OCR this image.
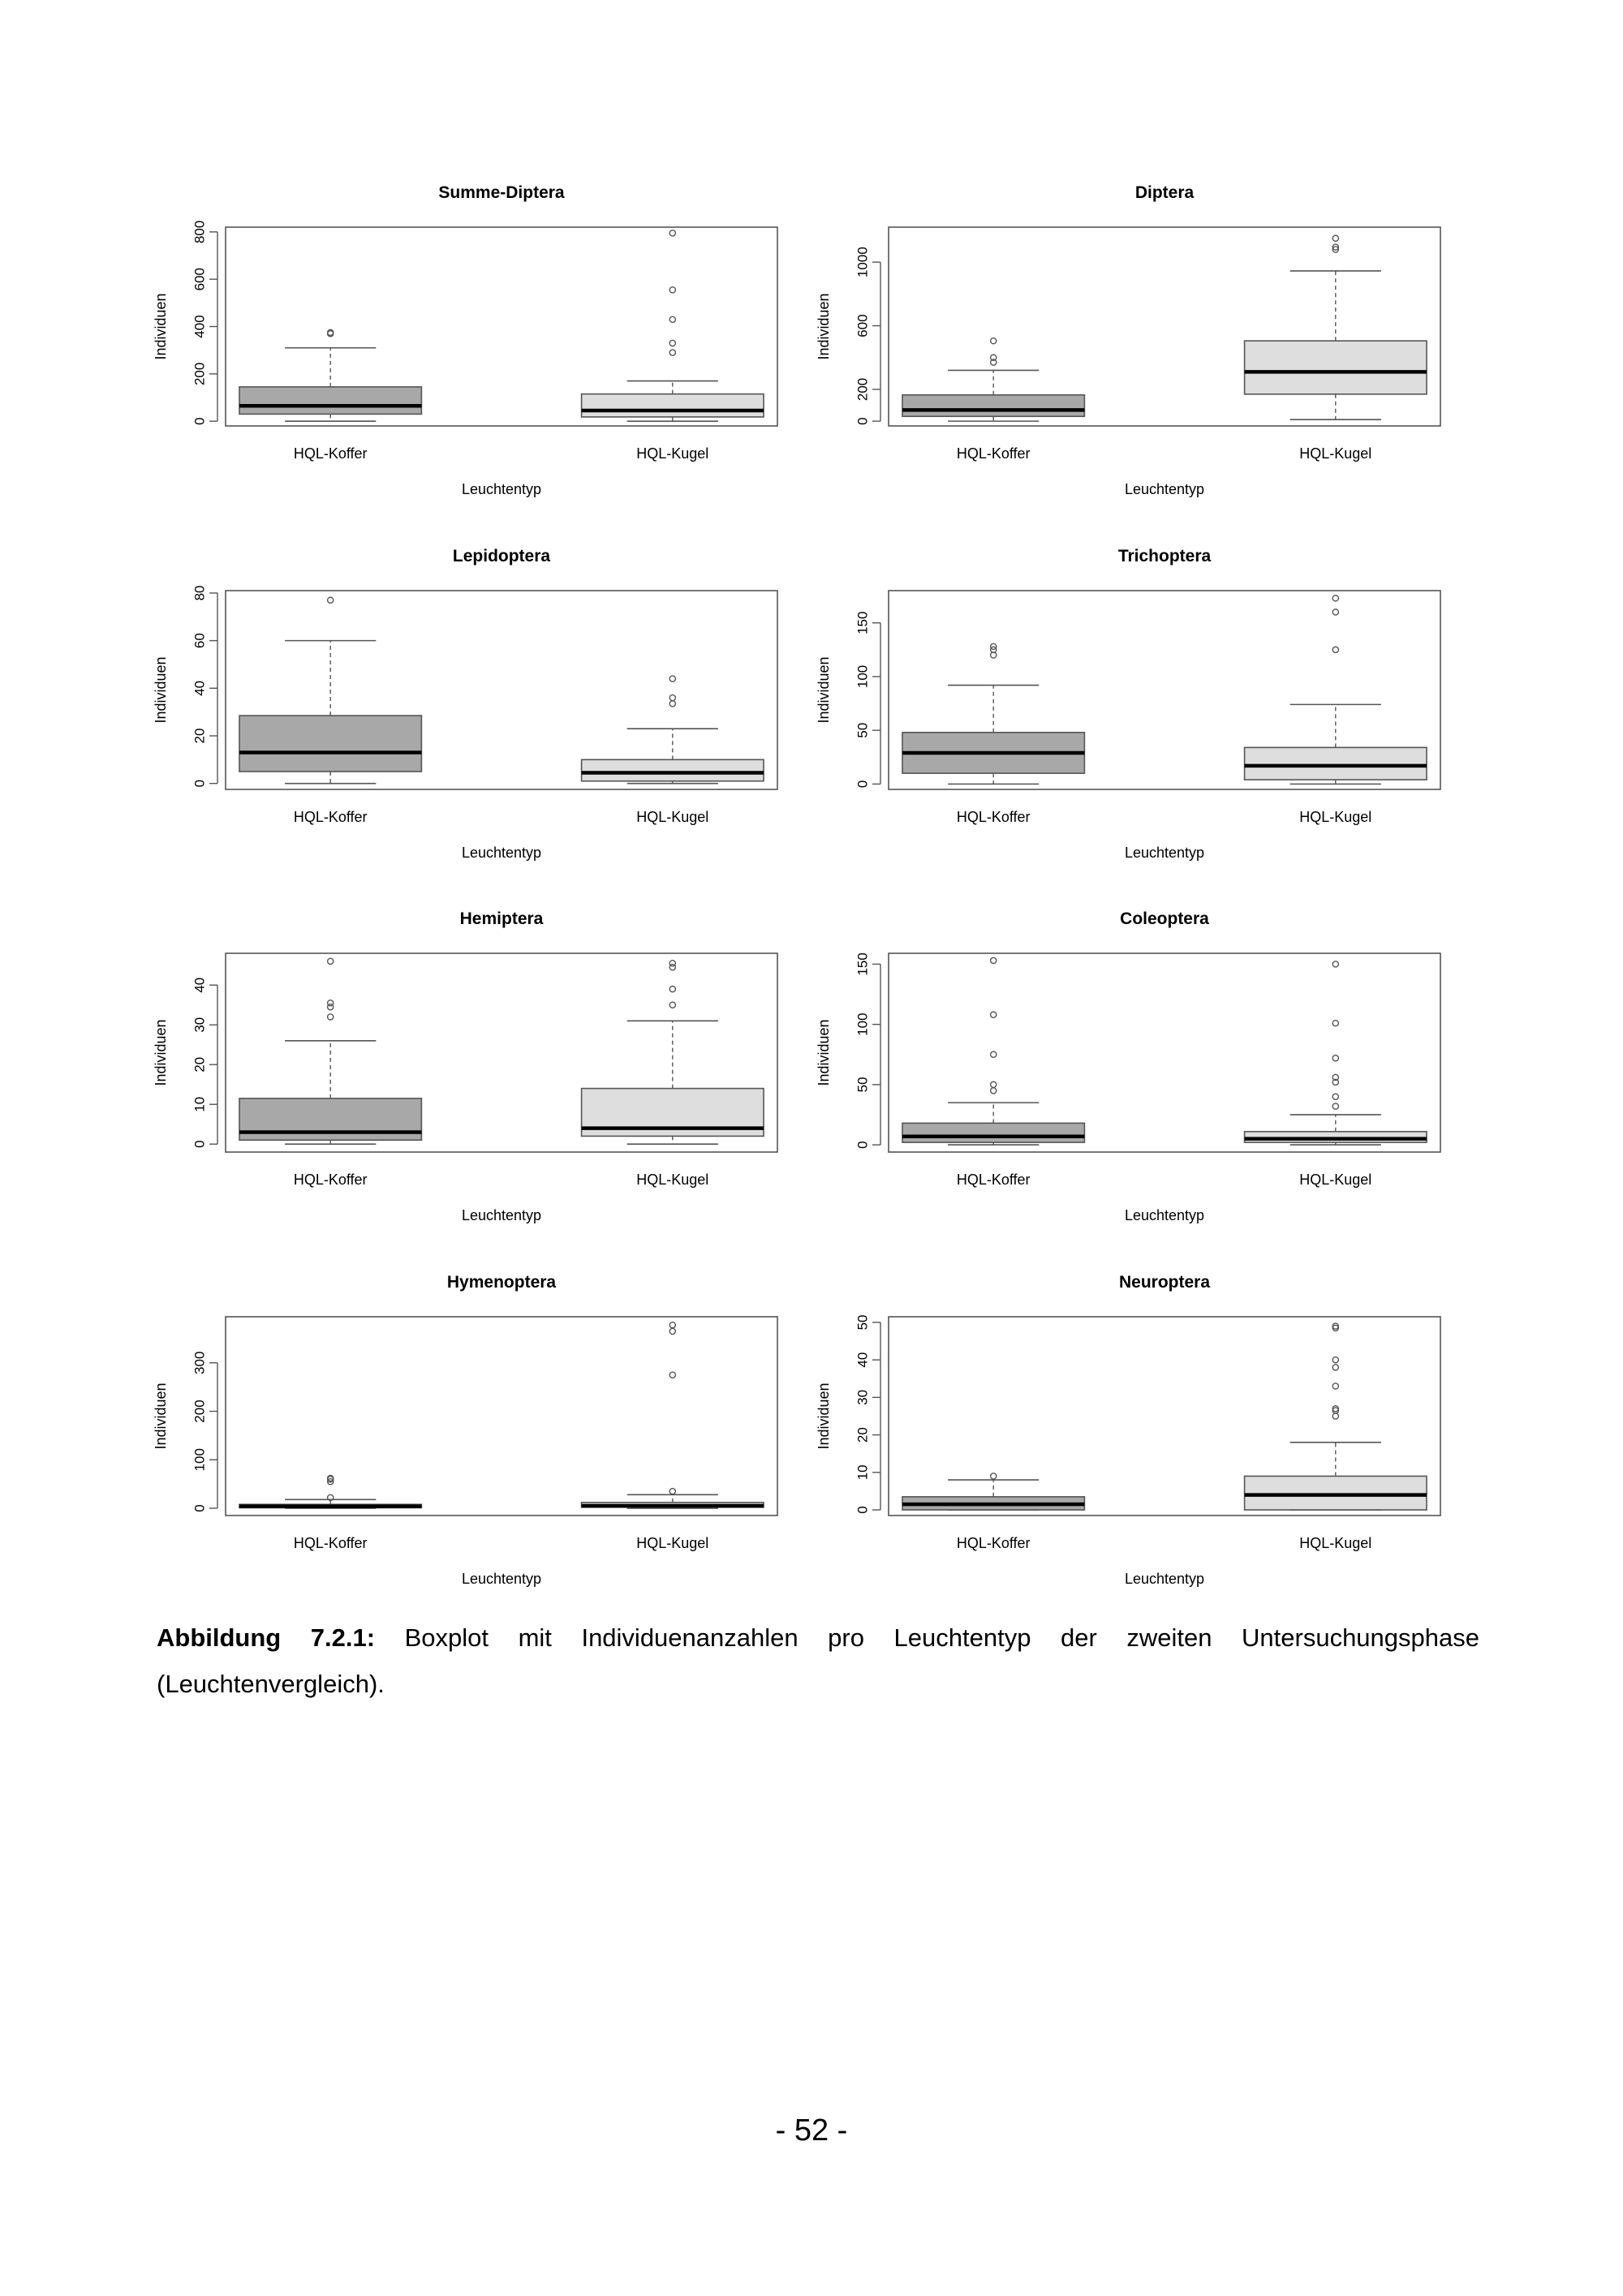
Summe-Diptera
0
200
400
600
800
Individuen
HQL-Koffer	HQL-Kugel
Leuchtentyp
Diptera
0
200
600
1000
Individuen
HQL-Koffer	HQL-Kugel
Leuchtentyp
Lepidoptera
0
20
40
60
80
Individuen
HQL-Koffer	HQL-Kugel
Leuchtentyp
Trichoptera
0
50
100
150
Individuen
HQL-Koffer	HQL-Kugel
Leuchtentyp
Hemiptera
0
10
20
30
40
Individuen
HQL-Koffer	HQL-Kugel
Leuchtentyp
Coleoptera
0
50
100
150
Individuen
HQL-Koffer	HQL-Kugel
Leuchtentyp
Hymenoptera
0
100
200
300
Individuen
HQL-Koffer	HQL-Kugel
Leuchtentyp
Neuroptera
0
10
20
30
40
50
Individuen
HQL-Koffer	HQL-Kugel
Leuchtentyp
Abbildung 7.2.1: Boxplot mit Individuenanzahlen pro Leuchtentyp der zweiten Untersuchungsphase (Leuchtenvergleich).
- 52 -
